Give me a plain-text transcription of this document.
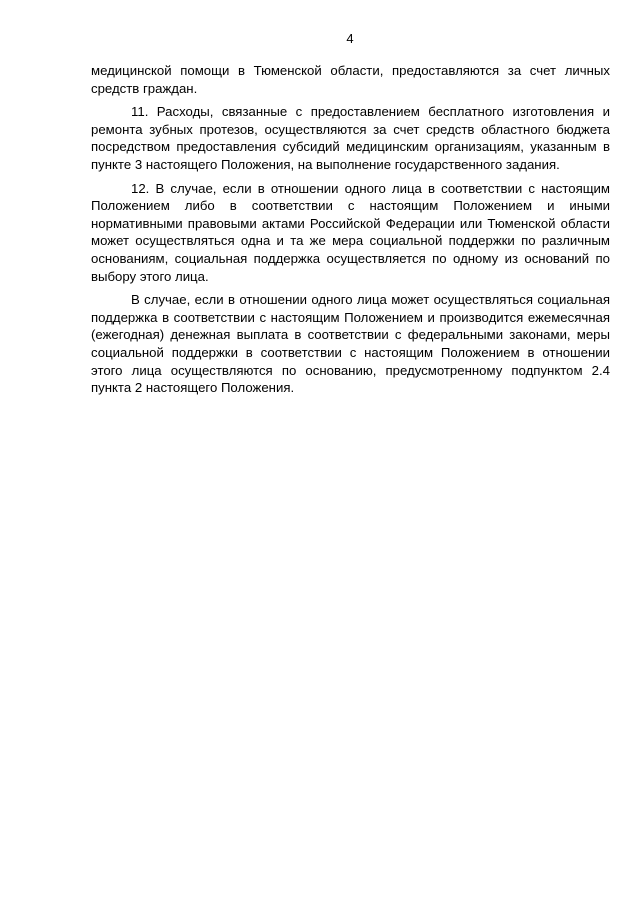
4

медицинской помощи в Тюменской области, предоставляются за счет личных средств граждан.

11. Расходы, связанные с предоставлением бесплатного изготовления и ремонта зубных протезов, осуществляются за счет средств областного бюджета посредством предоставления субсидий медицинским организациям, указанным в пункте 3 настоящего Положения, на выполнение государственного задания.

12. В случае, если в отношении одного лица в соответствии с настоящим Положением либо в соответствии с настоящим Положением и иными нормативными правовыми актами Российской Федерации или Тюменской области может осуществляться одна и та же мера социальной поддержки по различным основаниям, социальная поддержка осуществляется по одному из оснований по выбору этого лица.

В случае, если в отношении одного лица может осуществляться социальная поддержка в соответствии с настоящим Положением и производится ежемесячная (ежегодная) денежная выплата в соответствии с федеральными законами, меры социальной поддержки в соответствии с настоящим Положением в отношении этого лица осуществляются по основанию, предусмотренному подпунктом 2.4 пункта 2 настоящего Положения.
